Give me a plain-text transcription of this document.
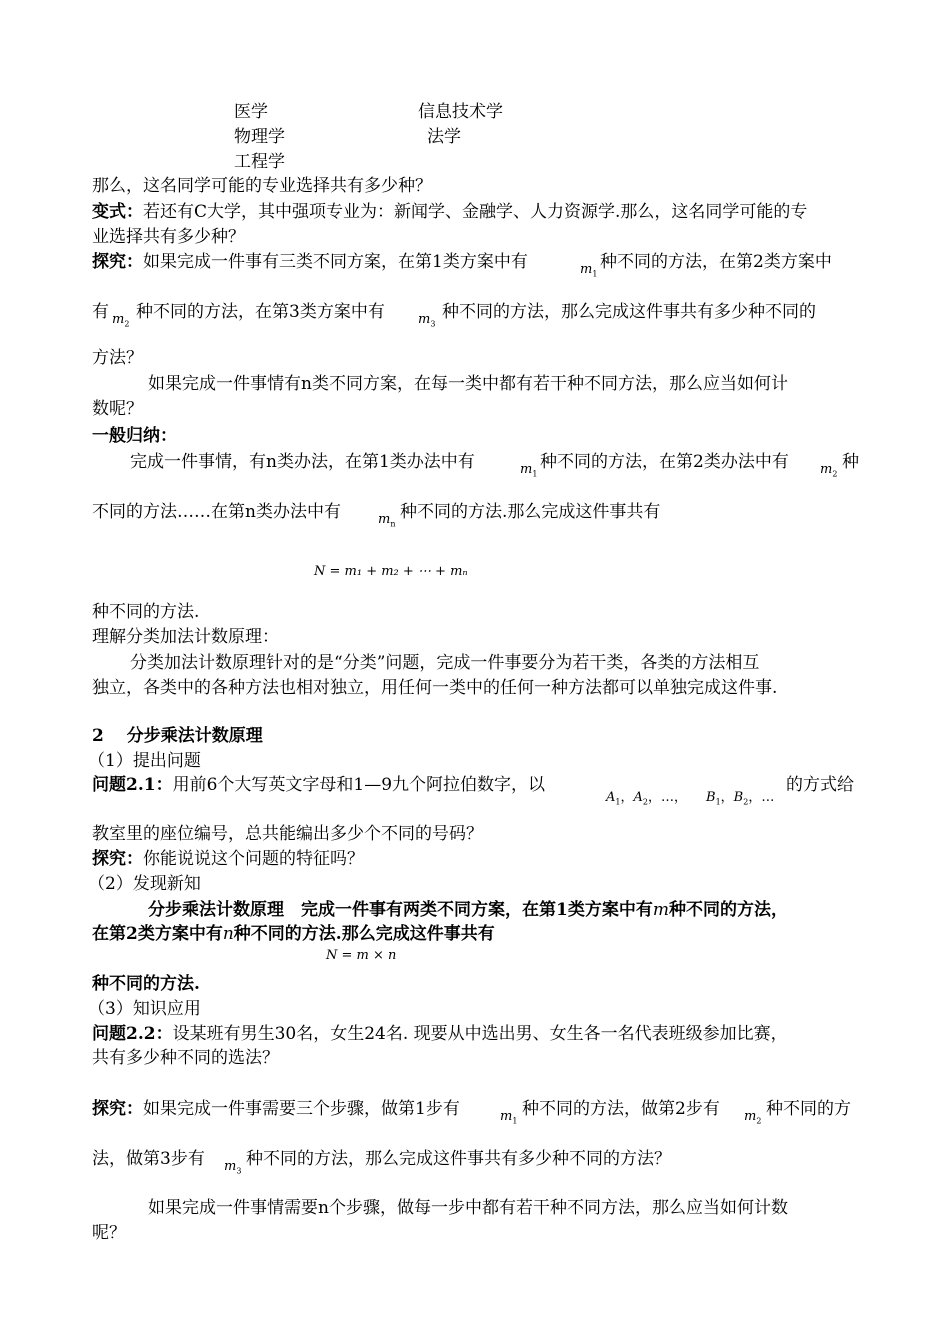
医学	信息技术学
物理学	法学
工程学
那么，这名同学可能的专业选择共有多少种？
变式：若还有C大学，其中强项专业为：新闻学、金融学、人力资源学.那么，这名同学可能的专
业选择共有多少种？
探究：如果完成一件事有三类不同方案，在第1类方案中有	$m_1$
种不同的方法，在第2类方案中
有 $m_2$
种不同的方法，在第3类方案中有	$m_3$
种不同的方法，那么完成这件事共有多少种不同的
方法？
如果完成一件事情有n类不同方案，在每一类中都有若干种不同方法，那么应当如何计
数呢？
一般归纳：
完成一件事情，有n类办法，在第1类办法中有	$m_1$
种不同的方法，在第2类办法中有 $m_2$
种
不同的方法……在第n类办法中有	$m_n$
种不同的方法.那么完成这件事共有
N = m₁ + m₂ + ⋯ + mₙ
种不同的方法.
理解分类加法计数原理：
分类加法计数原理针对的是“分类”问题，完成一件事要分为若干类，各类的方法相互
独立，各类中的各种方法也相对独立，用任何一类中的任何一种方法都可以单独完成这件事.
2　 分步乘法计数原理
（1）提出问题
问题2.1：用前6个大写英文字母和1—9九个阿拉伯数字，以
$A_1$，$A_2$，…， $B_1$，$B_2$，…
的方式给
教室里的座位编号，总共能编出多少个不同的号码？
探究：你能说说这个问题的特征吗？
（2）发现新知
分步乘法计数原理　完成一件事有两类不同方案，在第1类方案中有m种不同的方法，
在第2类方案中有n种不同的方法.那么完成这件事共有
N = m × n
种不同的方法.
（3）知识应用
问题2.2：设某班有男生30名，女生24名. 现要从中选出男、女生各一名代表班级参加比赛，
共有多少种不同的选法？
探究：如果完成一件事需要三个步骤，做第1步有	$m_1$
种不同的方法，做第2步有 $m_2$
种不同的方
法，做第3步有 $m_3$
种不同的方法，那么完成这件事共有多少种不同的方法？
如果完成一件事情需要n个步骤，做每一步中都有若干种不同方法，那么应当如何计数
呢？
